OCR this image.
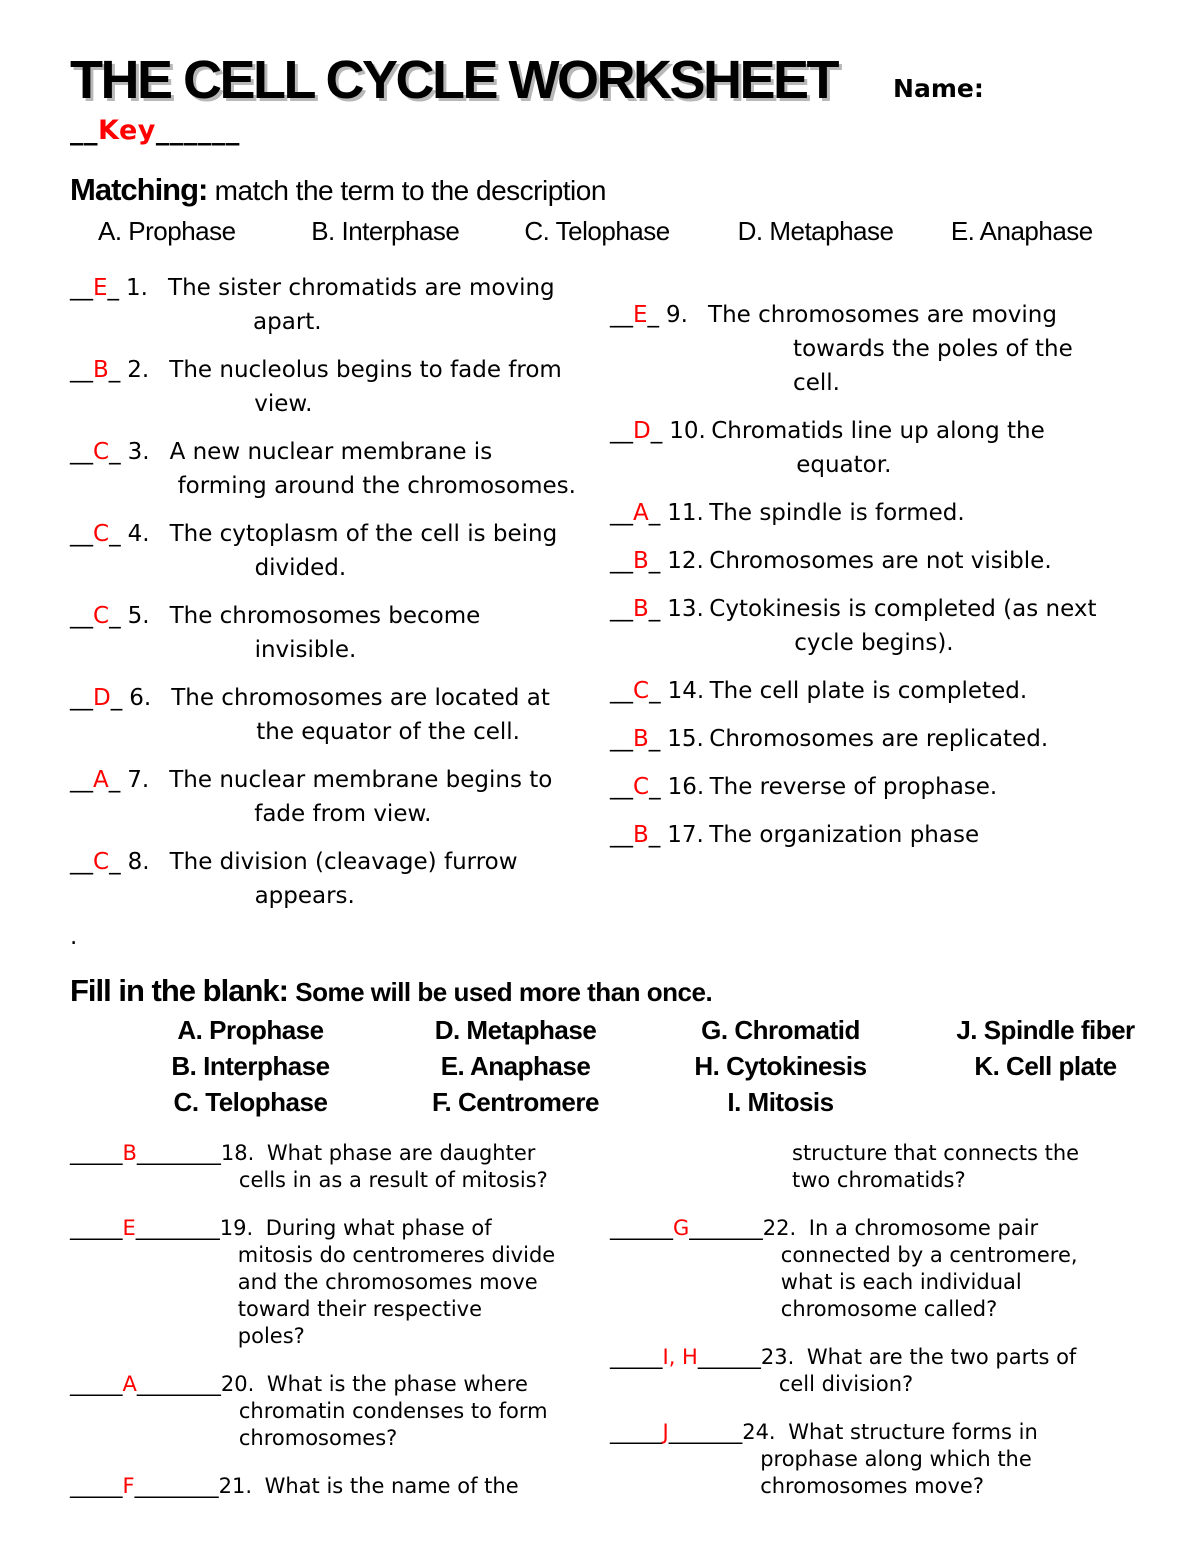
THE CELL CYCLE WORKSHEET Name:
__Key______
Matching: match the term to the description
A. Prophase	B. Interphase	C. Telophase	D. Metaphase	E. Anaphase
__E_ 1. The sister chromatids are moving
apart.
__B_ 2. The nucleolus begins to fade from
view.
__C_ 3. A new nuclear membrane is
forming around the chromosomes.
__C_ 4. The cytoplasm of the cell is being
divided.
__C_ 5. The chromosomes become
invisible.
__D_ 6. The chromosomes are located at
the equator of the cell.
__A_ 7. The nuclear membrane begins to
fade from view.
__C_ 8. The division (cleavage) furrow
appears.
__E_ 9. The chromosomes are moving
towards the poles of the
cell.
__D_ 10. Chromatids line up along the
equator.
__A_ 11. The spindle is formed.
__B_ 12. Chromosomes are not visible.
__B_ 13. Cytokinesis is completed (as next
cycle begins).
__C_ 14. The cell plate is completed.
__B_ 15. Chromosomes are replicated.
__C_ 16. The reverse of prophase.
__B_ 17. The organization phase
.
Fill in the blank: Some will be used more than once.
A. Prophase	D. Metaphase	G. Chromatid	J. Spindle fiber
B. Interphase	E. Anaphase	H. Cytokinesis	K. Cell plate
C. Telophase	F. Centromere	I. Mitosis
_____B________ 18. What phase are daughter
cells in as a result of mitosis?
_____E________ 19. During what phase of
mitosis do centromeres divide
and the chromosomes move
toward their respective
poles?
_____A________ 20. What is the phase where
chromatin condenses to form
chromosomes?
_____F________ 21. What is the name of the
structure that connects the
two chromatids?
______G_______ 22. In a chromosome pair
connected by a centromere,
what is each individual
chromosome called?
_____I, H______ 23. What are the two parts of
cell division?
_____J_______ 24. What structure forms in
prophase along which the
chromosomes move?
